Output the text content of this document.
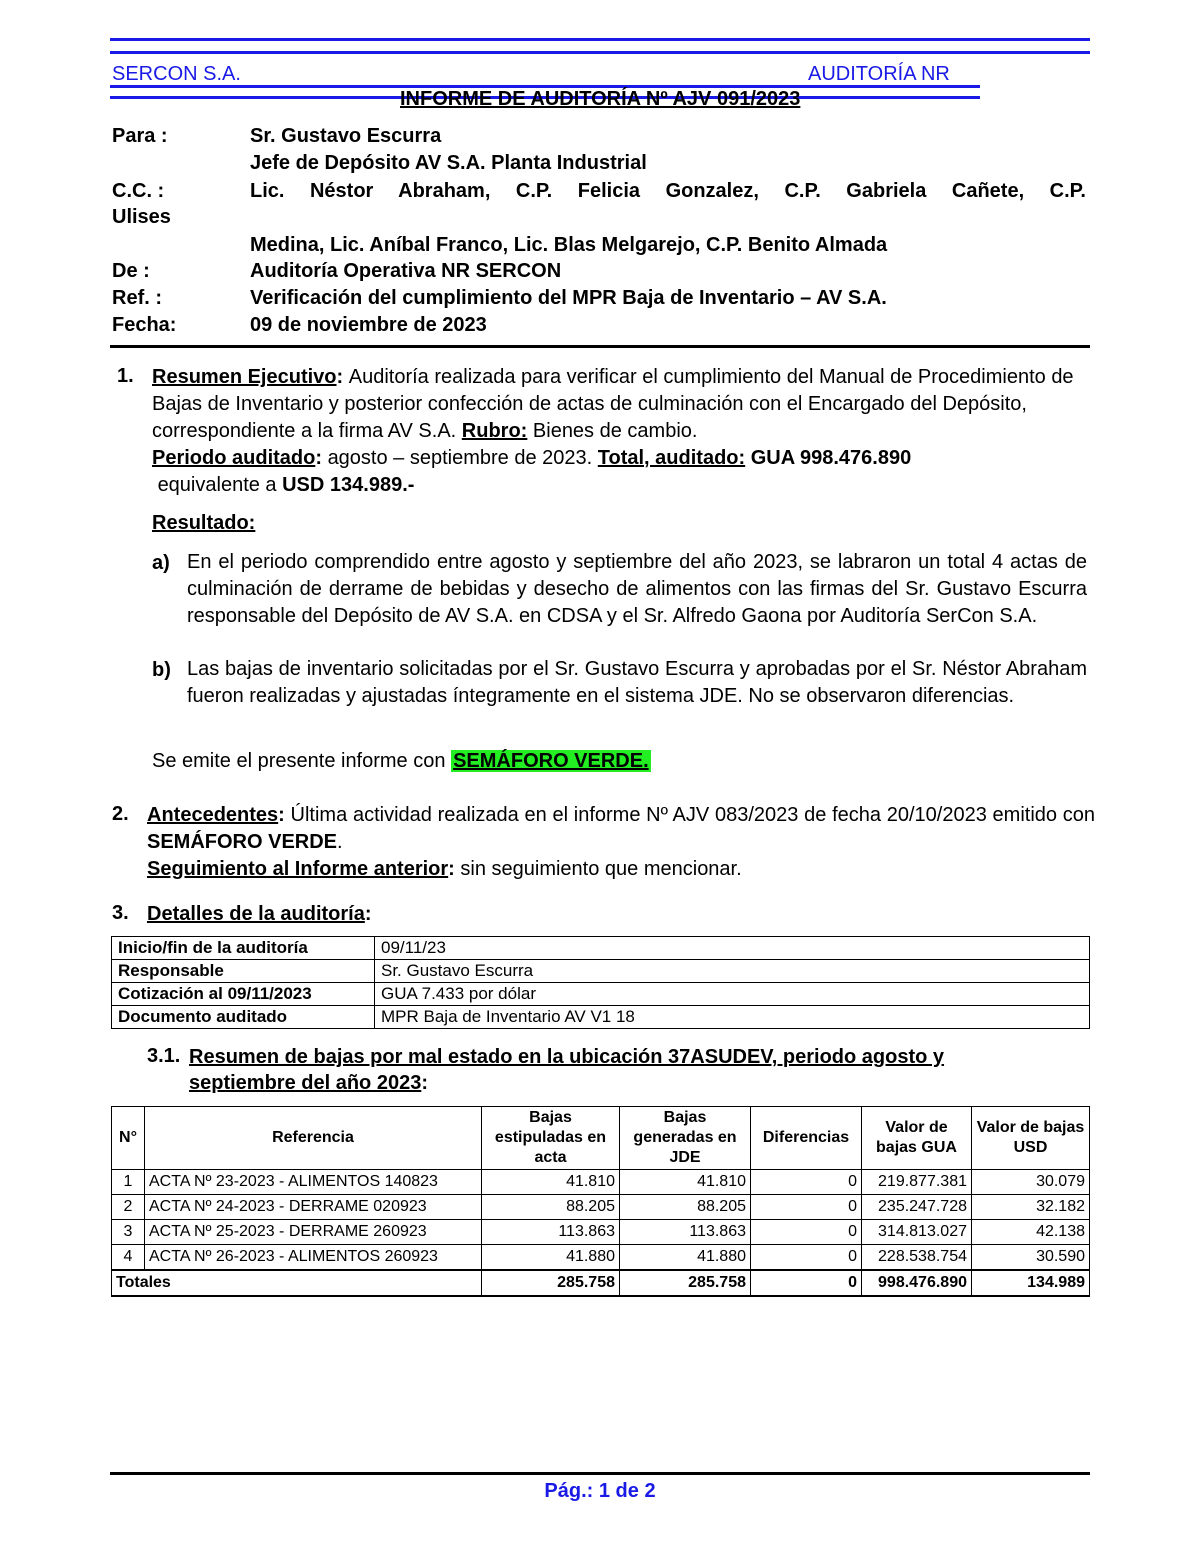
SERCON S.A.	AUDITORÍA NR
INFORME DE AUDITORÍA Nº AJV 091/2023
Para :	Sr. Gustavo Escurra
Jefe de Depósito AV S.A. Planta Industrial
C.C. :	Lic. Néstor Abraham, C.P. Felicia Gonzalez, C.P. Gabriela Cañete, C.P.
Ulises
Medina, Lic. Aníbal Franco, Lic. Blas Melgarejo, C.P. Benito Almada
De :	Auditoría Operativa NR SERCON
Ref. :	Verificación del cumplimiento del MPR Baja de Inventario – AV S.A.
Fecha:	09 de noviembre de 2023
1. Resumen Ejecutivo: Auditoría realizada para verificar el cumplimiento del Manual de Procedimiento de Bajas de Inventario y posterior confección de actas de culminación con el Encargado del Depósito, correspondiente a la firma AV S.A. Rubro: Bienes de cambio.
Periodo auditado: agosto – septiembre de 2023. Total, auditado: GUA 998.476.890
equivalente a USD 134.989.-
Resultado:
a) En el periodo comprendido entre agosto y septiembre del año 2023, se labraron un total 4 actas de culminación de derrame de bebidas y desecho de alimentos con las firmas del Sr. Gustavo Escurra responsable del Depósito de AV S.A. en CDSA y el Sr. Alfredo Gaona por Auditoría SerCon S.A.
b) Las bajas de inventario solicitadas por el Sr. Gustavo Escurra y aprobadas por el Sr. Néstor Abraham fueron realizadas y ajustadas íntegramente en el sistema JDE. No se observaron diferencias.
Se emite el presente informe con SEMÁFORO VERDE.
2. Antecedentes: Última actividad realizada en el informe Nº AJV 083/2023 de fecha 20/10/2023 emitido con SEMÁFORO VERDE.
Seguimiento al Informe anterior: sin seguimiento que mencionar.
3. Detalles de la auditoría:
Inicio/fin de la auditoría	09/11/23
Responsable	Sr. Gustavo Escurra
Cotización al 09/11/2023	GUA 7.433 por dólar
Documento auditado	MPR Baja de Inventario AV V1 18
3.1. Resumen de bajas por mal estado en la ubicación 37ASUDEV, periodo agosto y
septiembre del año 2023:
N°	Referencia	Bajas estipuladas en acta	Bajas generadas en JDE	Diferencias	Valor de bajas GUA	Valor de bajas USD
1	ACTA Nº 23-2023 - ALIMENTOS 140823	41.810	41.810	0	219.877.381	30.079
2	ACTA Nº 24-2023 - DERRAME 020923	88.205	88.205	0	235.247.728	32.182
3	ACTA Nº 25-2023 - DERRAME 260923	113.863	113.863	0	314.813.027	42.138
4	ACTA Nº 26-2023 - ALIMENTOS 260923	41.880	41.880	0	228.538.754	30.590
Totales		285.758	285.758	0	998.476.890	134.989
Pág.: 1 de 2
